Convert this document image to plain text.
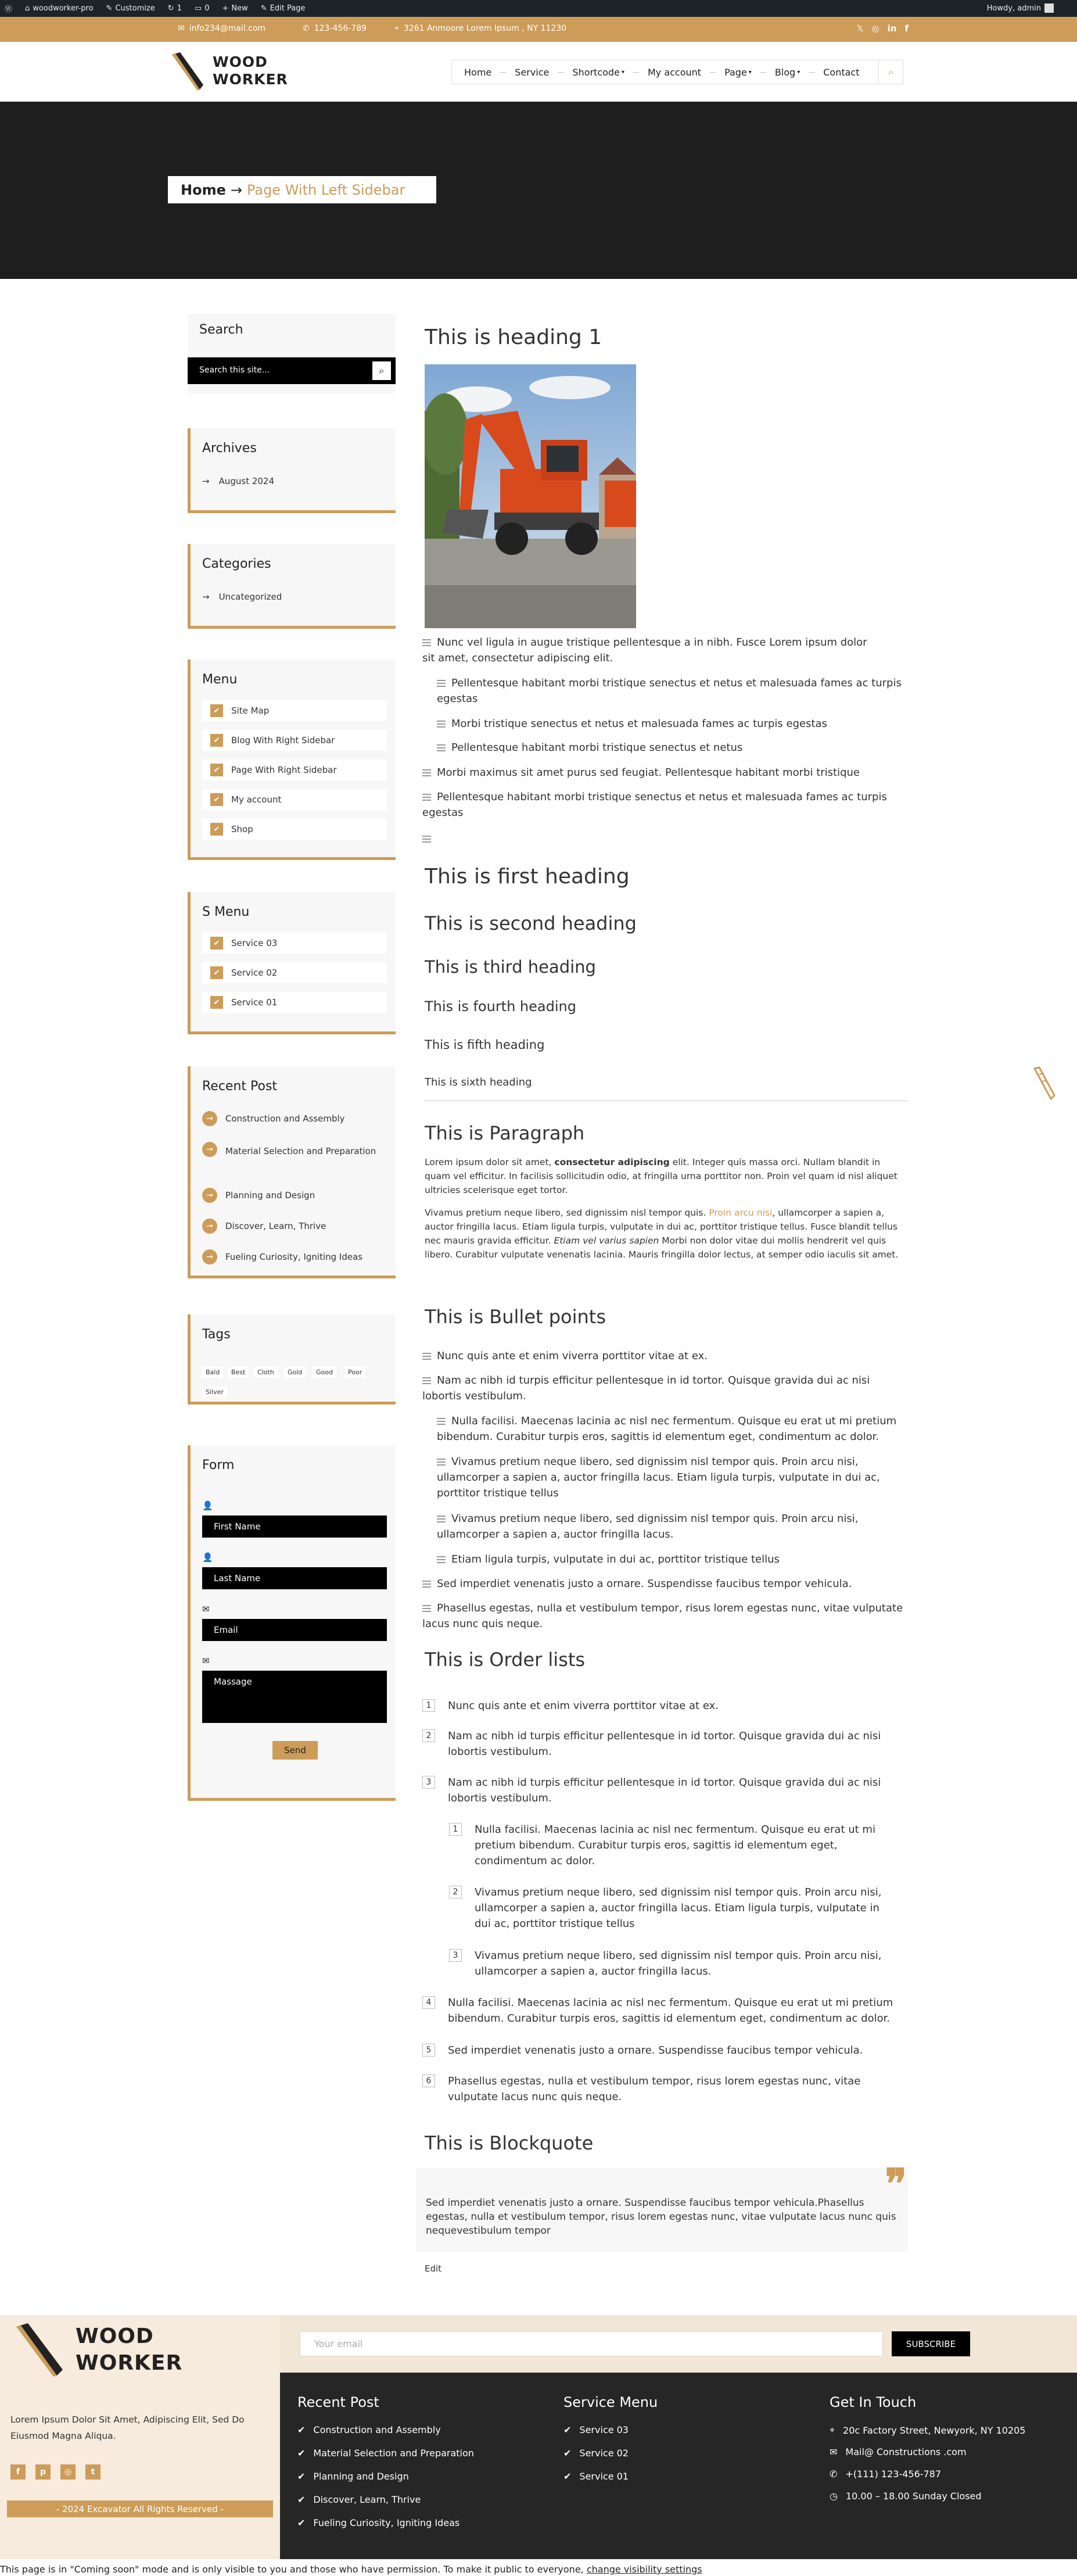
Ⓦ ⌂ woodworker-pro ✎ Customize ↻ 1 ▭ 0 + New ✎ Edit Page	Howdy, admin
✉ info234@mail.com	✆ 123-456-789	⌖ 3261 Anmoore Lorem Ipsum , NY 11230	𝕏 ◎ in f
WOOD
WORKER	Home — Service — Shortcode ▾ — My account — Page ▾ — Blog ▾ — Contact	⌕
Home → Page With Left Sidebar
Search
Search this site...	⌕
Archives
→ August 2024
Categories
→ Uncategorized
Menu
✔	Site Map
✔	Blog With Right Sidebar
✔	Page With Right Sidebar
✔	My account
✔	Shop
S Menu
✔	Service 03
✔	Service 02
✔	Service 01
Recent Post
→	Construction and Assembly
→	Material Selection and Preparation
→	Planning and Design
→	Discover, Learn, Thrive
→	Fueling Curiosity, Igniting Ideas
Tags
Bald	Best	Cloth	Gold	Good	Poor
Silver
Form
👤
First Name
👤
Last Name
✉
Email
✉
Massage
Send
This is heading 1
Nunc vel ligula in augue tristique pellentesque a in nibh. Fusce Lorem ipsum dolor sit amet, consectetur adipiscing elit.
Pellentesque habitant morbi tristique senectus et netus et malesuada fames ac turpis egestas
Morbi tristique senectus et netus et malesuada fames ac turpis egestas
Pellentesque habitant morbi tristique senectus et netus
Morbi maximus sit amet purus sed feugiat. Pellentesque habitant morbi tristique
Pellentesque habitant morbi tristique senectus et netus et malesuada fames ac turpis egestas
This is first heading
This is second heading
This is third heading
This is fourth heading
This is fifth heading
This is sixth heading
This is Paragraph
Lorem ipsum dolor sit amet, consectetur adipiscing elit. Integer quis massa orci. Nullam blandit in quam vel efficitur. In facilisis sollicitudin odio, at fringilla urna porttitor non. Proin vel quam id nisl aliquet ultricies scelerisque eget tortor.
Vivamus pretium neque libero, sed dignissim nisl tempor quis. Proin arcu nisi, ullamcorper a sapien a, auctor fringilla lacus. Etiam ligula turpis, vulputate in dui ac, porttitor tristique tellus. Fusce blandit tellus nec mauris gravida efficitur. Etiam vel varius sapien Morbi non dolor vitae dui mollis hendrerit vel quis libero. Curabitur vulputate venenatis lacinia. Mauris fringilla dolor lectus, at semper odio iaculis sit amet.
This is Bullet points
Nunc quis ante et enim viverra porttitor vitae at ex.
Nam ac nibh id turpis efficitur pellentesque in id tortor. Quisque gravida dui ac nisi lobortis vestibulum.
Nulla facilisi. Maecenas lacinia ac nisl nec fermentum. Quisque eu erat ut mi pretium bibendum. Curabitur turpis eros, sagittis id elementum eget, condimentum ac dolor.
Vivamus pretium neque libero, sed dignissim nisl tempor quis. Proin arcu nisi, ullamcorper a sapien a, auctor fringilla lacus. Etiam ligula turpis, vulputate in dui ac, porttitor tristique tellus
Vivamus pretium neque libero, sed dignissim nisl tempor quis. Proin arcu nisi, ullamcorper a sapien a, auctor fringilla lacus.
Etiam ligula turpis, vulputate in dui ac, porttitor tristique tellus
Sed imperdiet venenatis justo a ornare. Suspendisse faucibus tempor vehicula.
Phasellus egestas, nulla et vestibulum tempor, risus lorem egestas nunc, vitae vulputate lacus nunc quis neque.
This is Order lists
1	Nunc quis ante et enim viverra porttitor vitae at ex.
2	Nam ac nibh id turpis efficitur pellentesque in id tortor. Quisque gravida dui ac nisi lobortis vestibulum.
3	Nam ac nibh id turpis efficitur pellentesque in id tortor. Quisque gravida dui ac nisi lobortis vestibulum.
1	Nulla facilisi. Maecenas lacinia ac nisl nec fermentum. Quisque eu erat ut mi pretium bibendum. Curabitur turpis eros, sagittis id elementum eget, condimentum ac dolor.
2	Vivamus pretium neque libero, sed dignissim nisl tempor quis. Proin arcu nisi, ullamcorper a sapien a, auctor fringilla lacus. Etiam ligula turpis, vulputate in dui ac, porttitor tristique tellus
3	Vivamus pretium neque libero, sed dignissim nisl tempor quis. Proin arcu nisi, ullamcorper a sapien a, auctor fringilla lacus.
4	Nulla facilisi. Maecenas lacinia ac nisl nec fermentum. Quisque eu erat ut mi pretium bibendum. Curabitur turpis eros, sagittis id elementum eget, condimentum ac dolor.
5	Sed imperdiet venenatis justo a ornare. Suspendisse faucibus tempor vehicula.
6	Phasellus egestas, nulla et vestibulum tempor, risus lorem egestas nunc, vitae vulputate lacus nunc quis neque.
This is Blockquote
❞
Sed imperdiet venenatis justo a ornare. Suspendisse faucibus tempor vehicula.Phasellus egestas, nulla et vestibulum tempor, risus lorem egestas nunc, vitae vulputate lacus nunc quis nequevestibulum tempor
Edit
WOOD
WORKER
Lorem Ipsum Dolor Sit Amet, Adipiscing Elit, Sed Do Eiusmod Magna Aliqua.
f	p	◎	t
- 2024 Excavator All Rights Reserved -
Your email	SUBSCRIBE
Recent Post
✔ Construction and Assembly
✔ Material Selection and Preparation
✔ Planning and Design
✔ Discover, Learn, Thrive
✔ Fueling Curiosity, Igniting Ideas
Service Menu
✔ Service 03
✔ Service 02
✔ Service 01
Get In Touch
⌖ 20c Factory Street, Newyork, NY 10205
✉ Mail@ Constructions .com
✆ +(111) 123-456-787
◷ 10.00 – 18.00 Sunday Closed
This page is in "Coming soon" mode and is only visible to you and those who have permission. To make it public to everyone, change visibility settings
